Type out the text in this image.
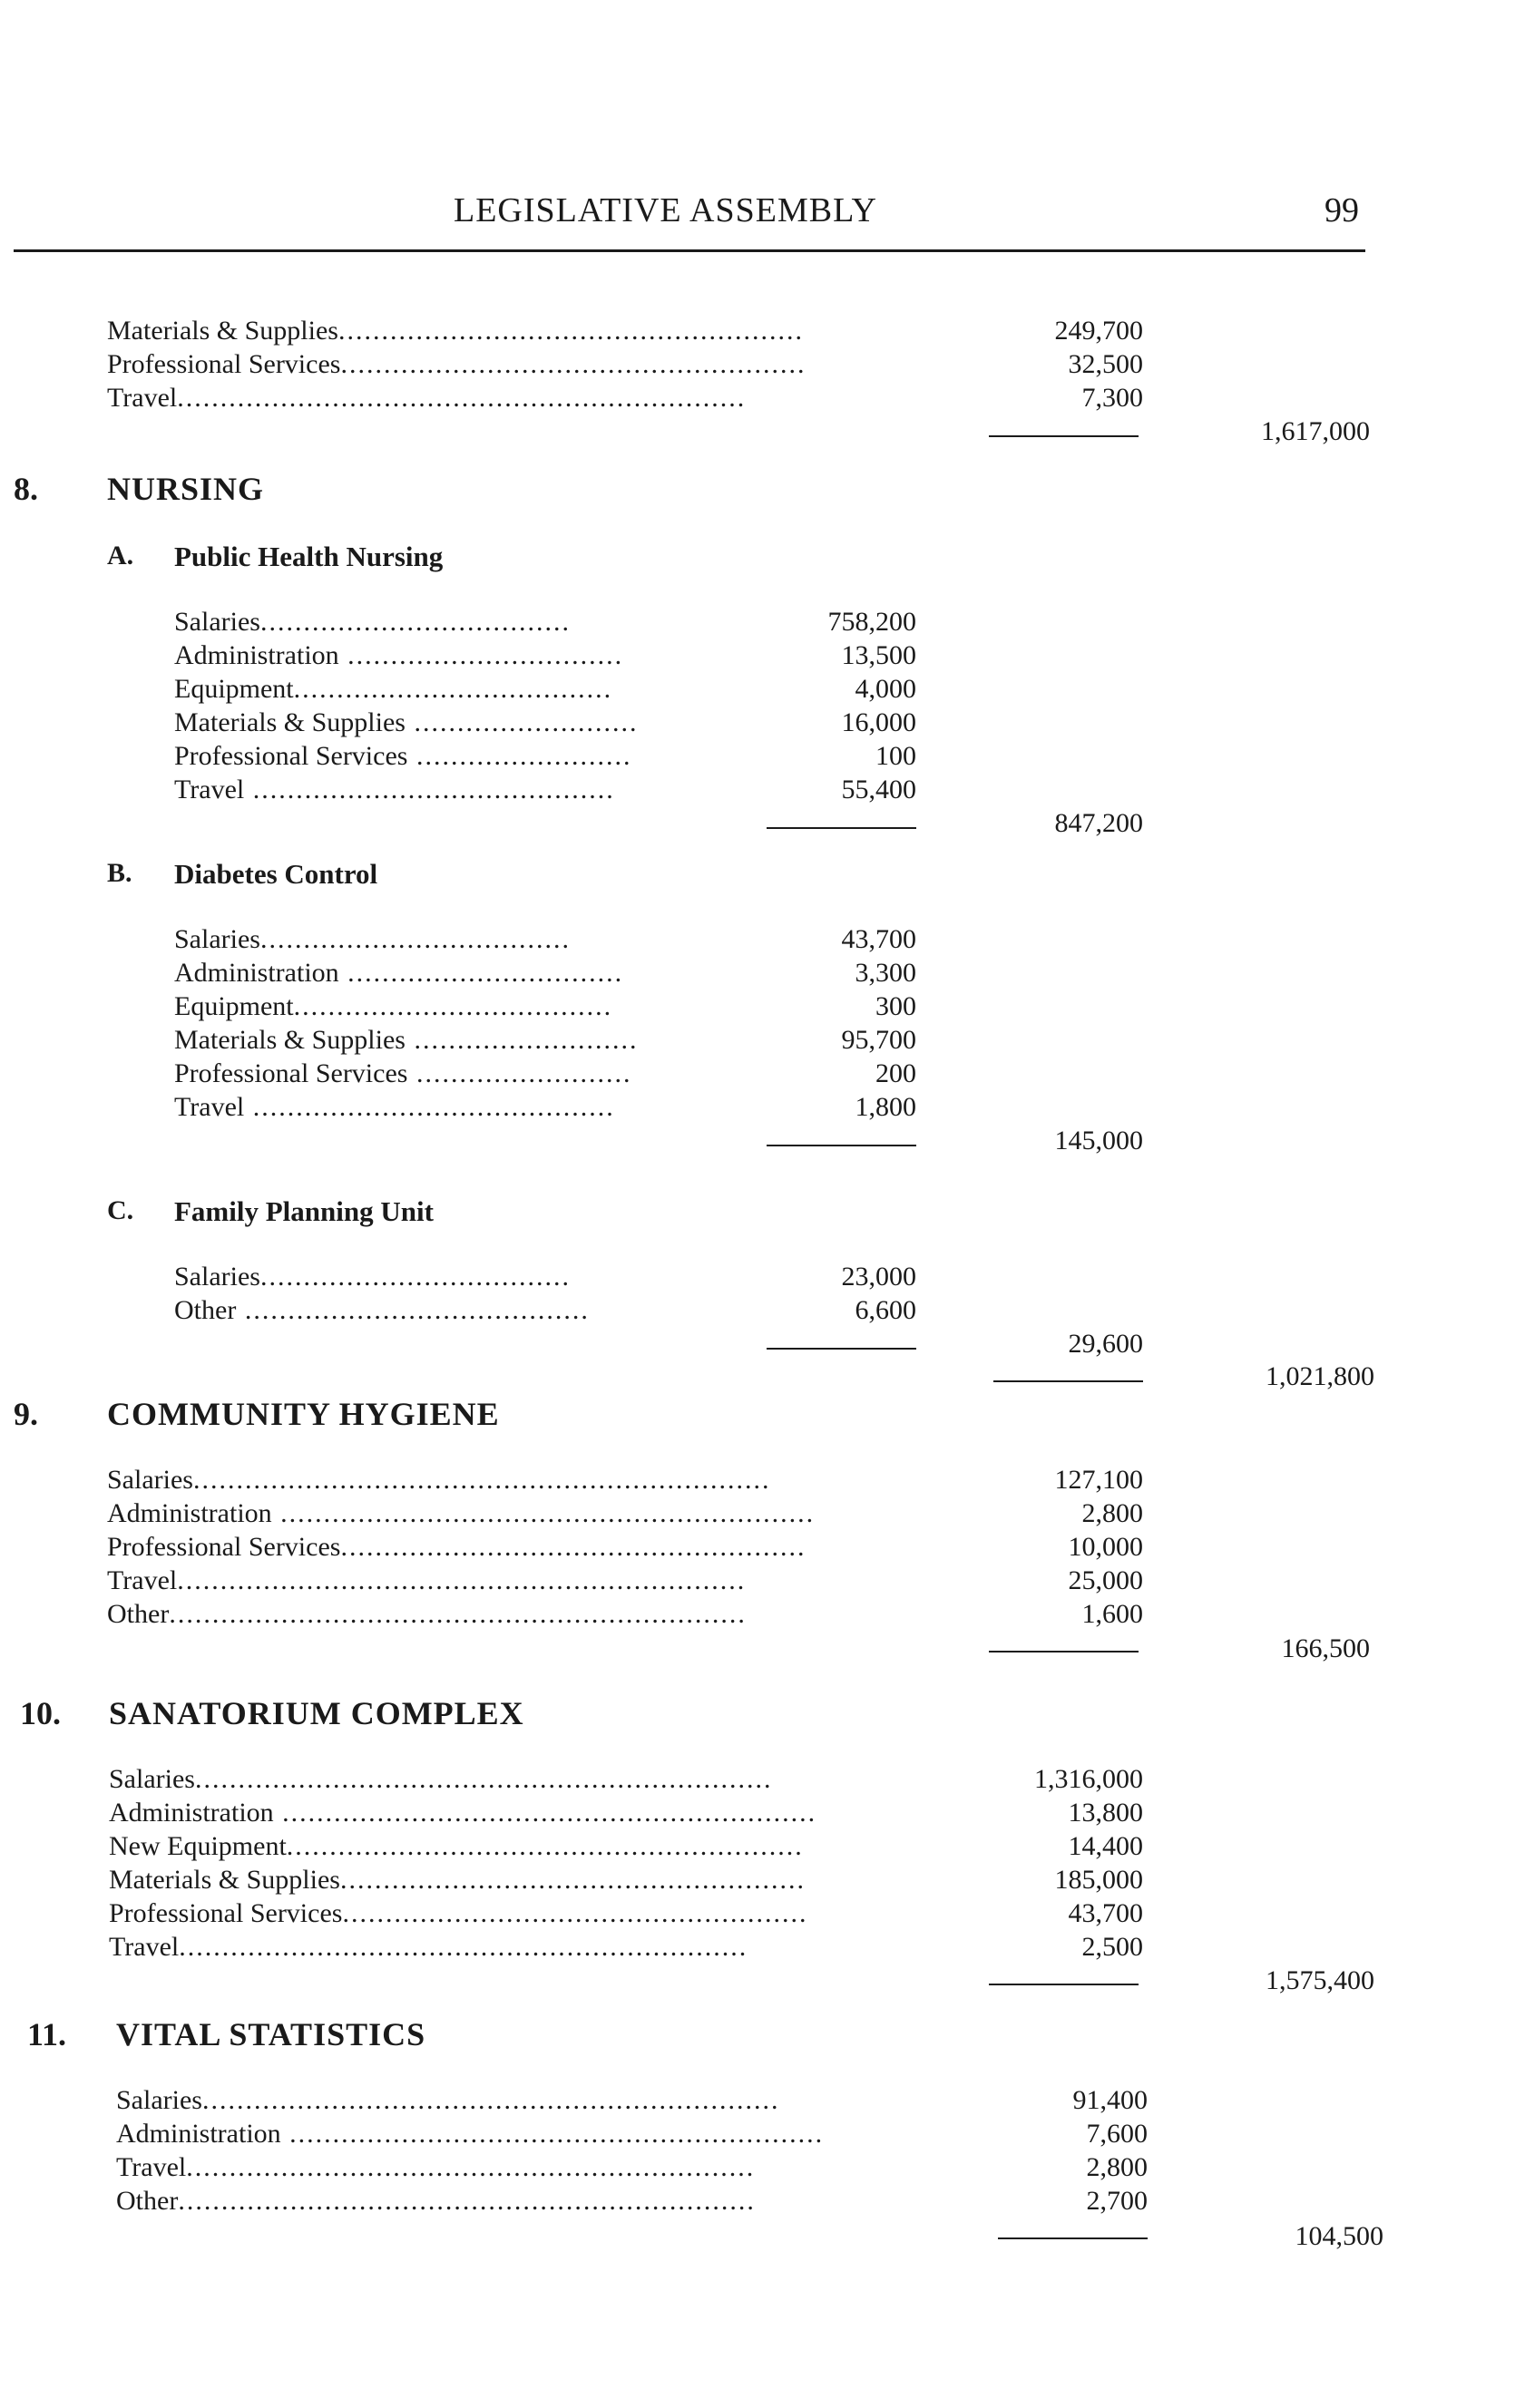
LEGISLATIVE ASSEMBLY	99
Materials & Supplies......................................................	249,700
Professional Services......................................................	32,500
Travel..................................................................	7,300
1,617,000
8. NURSING
A. Public Health Nursing
Salaries....................................	758,200
Administration ................................	13,500
Equipment.....................................	4,000
Materials & Supplies ..........................	16,000
Professional Services .........................	100
Travel ..........................................	55,400
847,200
B. Diabetes Control
Salaries....................................	43,700
Administration ................................	3,300
Equipment.....................................	300
Materials & Supplies ..........................	95,700
Professional Services .........................	200
Travel ..........................................	1,800
145,000
C. Family Planning Unit
Salaries....................................	23,000
Other ........................................	6,600
29,600
1,021,800
9. COMMUNITY HYGIENE
Salaries...................................................................	127,100
Administration ..............................................................	2,800
Professional Services......................................................	10,000
Travel..................................................................	25,000
Other...................................................................	1,600
166,500
10. SANATORIUM COMPLEX
Salaries...................................................................	1,316,000
Administration ..............................................................	13,800
New Equipment............................................................	14,400
Materials & Supplies......................................................	185,000
Professional Services......................................................	43,700
Travel..................................................................	2,500
1,575,400
11. VITAL STATISTICS
Salaries...................................................................	91,400
Administration ..............................................................	7,600
Travel..................................................................	2,800
Other...................................................................	2,700
104,500
